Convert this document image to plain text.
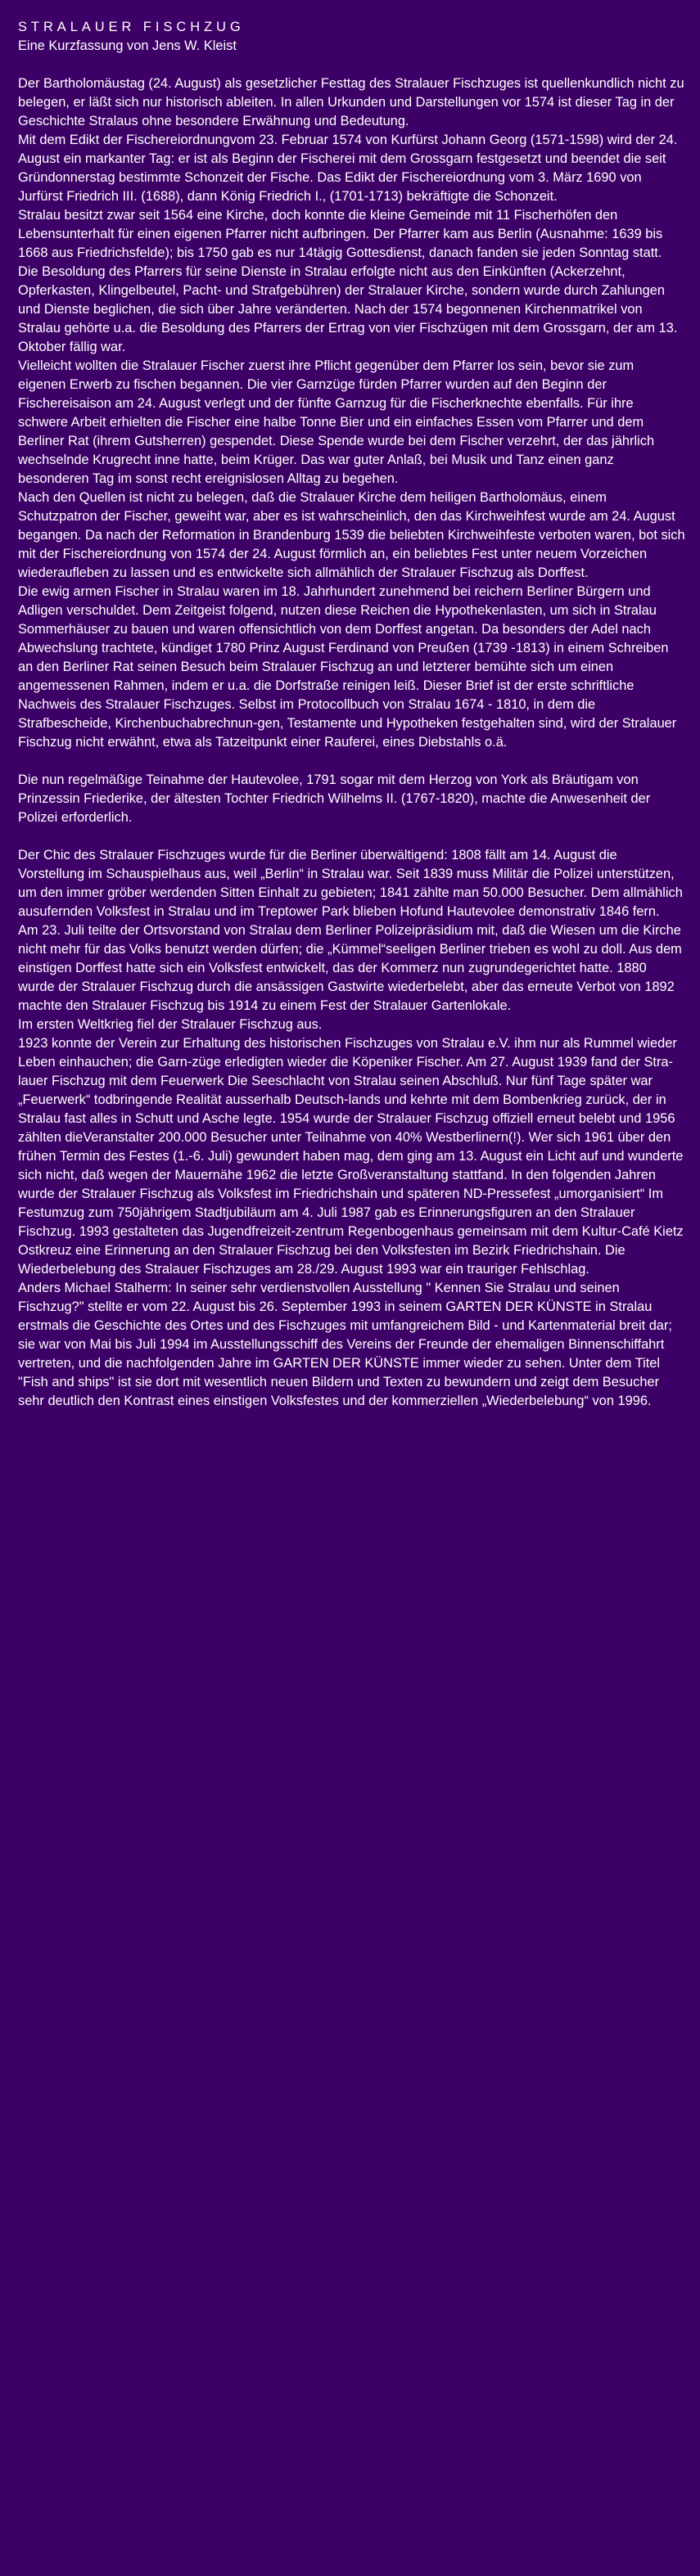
STRALAUER FISCHZUG
Eine Kurzfassung von Jens W. Kleist
Der Bartholomäustag (24. August) als gesetzlicher Festtag des Stralauer Fischzuges ist quellenkundlich nicht zu belegen, er läßt sich nur historisch ableiten. In allen Urkunden und Darstellungen vor 1574 ist dieser Tag in der Geschichte Stralaus ohne besondere Erwähnung und Bedeutung.
Mit dem Edikt der Fischereiordnungvom 23. Februar 1574 von Kurfürst Johann Georg (1571-1598) wird der 24. August ein markanter Tag: er ist als Beginn der Fischerei mit dem Grossgarn festgesetzt und beendet die seit Gründonnerstag bestimmte Schonzeit der Fische. Das Edikt der Fischereiordnung vom 3. März 1690 von Jurfürst Friedrich III. (1688), dann König Friedrich I., (1701-1713) bekräftigte die Schonzeit.
Stralau besitzt zwar seit 1564 eine Kirche, doch konnte die kleine Gemeinde mit 11 Fischerhöfen den Lebensunterhalt für einen eigenen Pfarrer nicht aufbringen. Der Pfarrer kam aus Berlin (Ausnahme: 1639 bis 1668 aus Friedrichsfelde); bis 1750 gab es nur 14tägig Gottesdienst, danach fanden sie jeden Sonntag statt.
Die Besoldung des Pfarrers für seine Dienste in Stralau erfolgte nicht aus den Einkünften (Ackerzehnt, Opferkasten, Klingelbeutel, Pacht- und Strafgebühren) der Stralauer Kirche, sondern wurde durch Zahlungen und Dienste beglichen, die sich über Jahre veränderten. Nach der 1574 begonnenen Kirchenmatrikel von Stralau gehörte u.a. die Besoldung des Pfarrers der Ertrag von vier Fischzügen mit dem Grossgarn, der am 13. Oktober fällig war.
Vielleicht wollten die Stralauer Fischer zuerst ihre Pflicht gegenüber dem Pfarrer los sein, bevor sie zum eigenen Erwerb zu fischen begannen. Die vier Garnzüge fürden Pfarrer wurden auf den Beginn der Fischereisaison am 24. August verlegt und der fünfte Garnzug für die Fischerknechte ebenfalls. Für ihre schwere Arbeit erhielten die Fischer eine halbe Tonne Bier und ein einfaches Essen vom Pfarrer und dem Berliner Rat (ihrem Gutsherren) gespendet. Diese Spende wurde bei dem Fischer verzehrt, der das jährlich wechselnde Krugrecht inne hatte, beim Krüger. Das war guter Anlaß, bei Musik und Tanz einen ganz besonderen Tag im sonst recht ereignislosen Alltag zu begehen.
Nach den Quellen ist nicht zu belegen, daß die Stralauer Kirche dem heiligen Bartholomäus, einem Schutzpatron der Fischer, geweiht war, aber es ist wahrscheinlich, den das Kirchweihfest wurde am 24. August begangen. Da nach der Reformation in Brandenburg 1539 die beliebten Kirchweihfeste verboten waren, bot sich mit der Fischereiordnung von 1574 der 24. August förmlich an, ein beliebtes Fest unter neuem Vorzeichen wiederaufleben zu lassen und es entwickelte sich allmählich der Stralauer Fischzug als Dorffest.
Die ewig armen Fischer in Stralau waren im 18. Jahrhundert zunehmend bei reichern Berliner Bürgern und Adligen verschuldet. Dem Zeitgeist folgend, nutzen diese Reichen die Hypothekenlasten, um sich in Stralau Sommerhäuser zu bauen und waren offensichtlich von dem Dorffest angetan. Da besonders der Adel nach Abwechslung trachtete, kündiget 1780 Prinz August Ferdinand von Preußen (1739 -1813) in einem Schreiben an den Berliner Rat seinen Besuch beim Stralauer Fischzug an und letzterer bemühte sich um einen angemessenen Rahmen, indem er u.a. die Dorfstraße reinigen leiß. Dieser Brief ist der erste schriftliche Nachweis des Stralauer Fischzuges. Selbst im Protocollbuch von Stralau 1674 - 1810, in dem die Strafbescheide, Kirchenbuchabrechnun-gen, Testamente und Hypotheken festgehalten sind, wird der Stralauer Fischzug nicht erwähnt, etwa als Tatzeitpunkt einer Rauferei, eines Diebstahls o.ä.
Die nun regelmäßige Teinahme der Hautevolee, 1791 sogar mit dem Herzog von York als Bräutigam von Prinzessin Friederike, der ältesten Tochter Friedrich Wilhelms II. (1767-1820), machte die Anwesenheit der Polizei erforderlich.
Der Chic des Stralauer Fischzuges wurde für die Berliner überwältigend: 1808 fällt am 14. August die Vorstellung im Schauspielhaus aus, weil „Berlin“ in Stralau war. Seit 1839 muss Militär die Polizei unterstützen, um den immer gröber werdenden Sitten Einhalt zu gebieten; 1841 zählte man 50.000 Besucher. Dem allmählich ausufernden Volksfest in Stralau und im Treptower Park blieben Hofund Hautevolee demonstrativ 1846 fern.
Am 23. Juli teilte der Ortsvorstand von Stralau dem Berliner Polizeipräsidium mit, daß die Wiesen um die Kirche nicht mehr für das Volks benutzt werden dürfen; die „Kümmel“seeligen Berliner trieben es wohl zu doll. Aus dem einstigen Dorffest hatte sich ein Volksfest entwickelt, das der Kommerz nun zugrundegerichtet hatte. 1880 wurde der Stralauer Fischzug durch die ansässigen Gastwirte wiederbelebt, aber das erneute Verbot von 1892 machte den Stralauer Fischzug bis 1914 zu einem Fest der Stralauer Gartenlokale.
Im ersten Weltkrieg fiel der Stralauer Fischzug aus.
1923 konnte der Verein zur Erhaltung des historischen Fischzuges von Stralau e.V. ihm nur als Rummel wieder Leben einhauchen; die Garn-züge erledigten wieder die Köpeniker Fischer. Am 27. August 1939 fand der Stra-lauer Fischzug mit dem Feuerwerk Die Seeschlacht von Stralau seinen Abschluß. Nur fünf Tage später war „Feuerwerk“ todbringende Realität ausserhalb Deutsch-lands und kehrte mit dem Bombenkrieg zurück, der in Stralau fast alles in Schutt und Asche legte. 1954 wurde der Stralauer Fischzug offiziell erneut belebt und 1956 zählten dieVeranstalter 200.000 Besucher unter Teilnahme von 40% Westberlinern(!). Wer sich 1961 über den frühen Termin des Festes (1.-6. Juli) gewundert haben mag, dem ging am 13. August ein Licht auf und wunderte sich nicht, daß wegen der Mauernähe 1962 die letzte Großveranstaltung stattfand. In den folgenden Jahren wurde der Stralauer Fischzug als Volksfest im Friedrichshain und späteren ND-Pressefest „umorganisiert“ Im Festumzug zum 750jährigem Stadtjubiläum am 4. Juli 1987 gab es Erinnerungsfiguren an den Stralauer Fischzug. 1993 gestalteten das Jugendfreizeit-zentrum Regenbogenhaus gemeinsam mit dem Kultur-Café Kietz Ostkreuz eine Erinnerung an den Stralauer Fischzug bei den Volksfesten im Bezirk Friedrichshain. Die Wiederbelebung des Stralauer Fischzuges am 28./29. August 1993 war ein trauriger Fehlschlag.
Anders Michael Stalherm: In seiner sehr verdienstvollen Ausstellung " Kennen Sie Stralau und seinen Fischzug?" stellte er vom 22. August bis 26. September 1993 in seinem GARTEN DER KÜNSTE in Stralau erstmals die Geschichte des Ortes und des Fischzuges mit umfangreichem Bild - und Kartenmaterial breit dar; sie war von Mai bis Juli 1994 im Ausstellungsschiff des Vereins der Freunde der ehemaligen Binnenschiffahrt vertreten, und die nachfolgenden Jahre im GARTEN DER KÜNSTE immer wieder zu sehen. Unter dem Titel "Fish and ships" ist sie dort mit wesentlich neuen Bildern und Texten zu bewundern und zeigt dem Besucher sehr deutlich den Kontrast eines einstigen Volksfestes und der kommerziellen „Wiederbelebung“ von 1996.
